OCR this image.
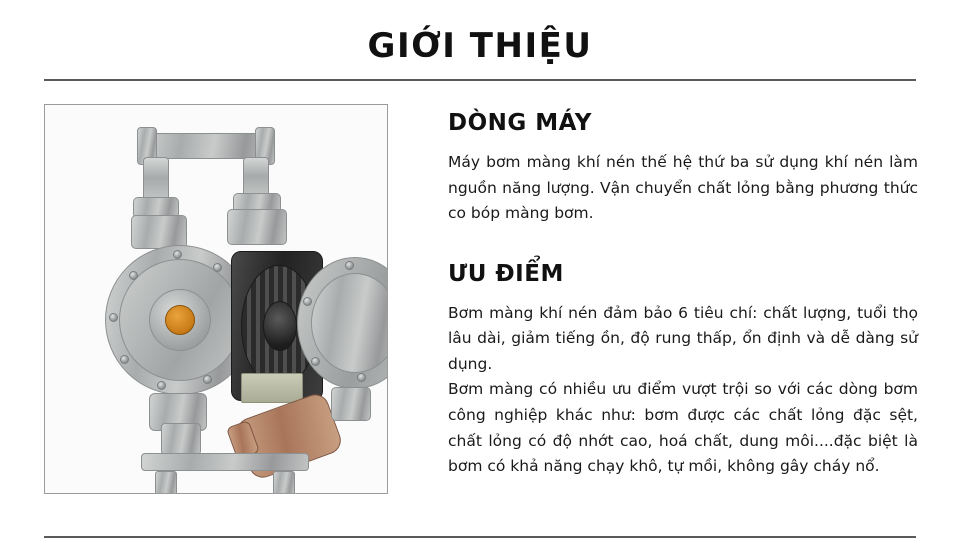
GIỚI THIỆU
DÒNG MÁY

Máy bơm màng khí nén thế hệ thứ ba sử dụng khí nén làm nguồn năng lượng. Vận chuyển chất lỏng bằng phương thức co bóp màng bơm.

ƯU ĐIỂM

Bơm màng khí nén đảm bảo 6 tiêu chí: chất lượng, tuổi thọ lâu dài, giảm tiếng ồn, độ rung thấp, ổn định và dễ dàng sử dụng.

Bơm màng có nhiều ưu điểm vượt trội so với các dòng bơm công nghiệp khác như: bơm được các chất lỏng đặc sệt, chất lỏng có độ nhớt cao, hoá chất, dung môi....đặc biệt là bơm có khả năng chạy khô, tự mồi, không gây cháy nổ.
